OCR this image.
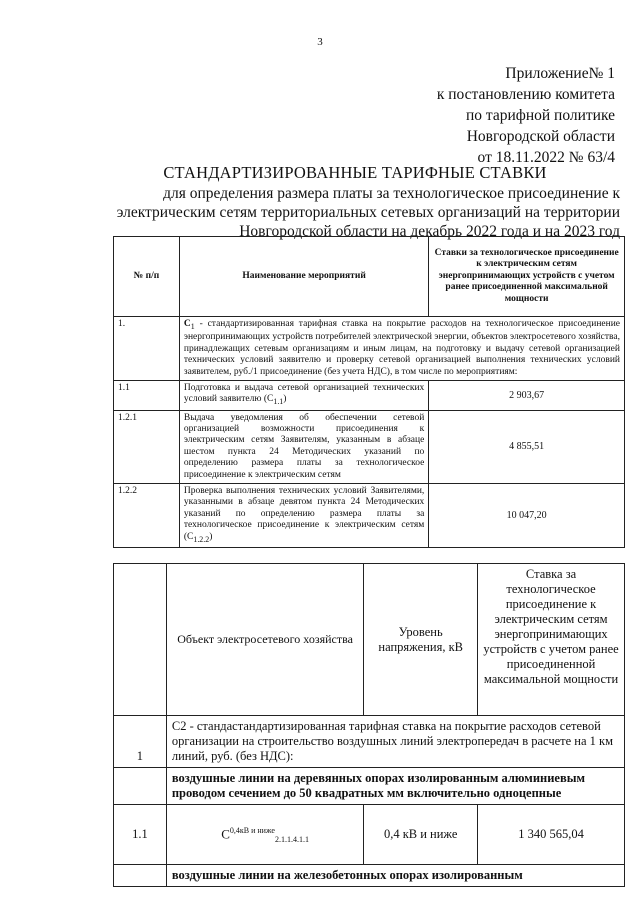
3
Приложение№ 1
к постановлению комитета
по тарифной политике
Новгородской области
от 18.11.2022 № 63/4
СТАНДАРТИЗИРОВАННЫЕ ТАРИФНЫЕ СТАВКИ
для определения размера платы за технологическое присоединение к
электрическим сетям территориальных сетевых организаций на территории
Новгородской области на декабрь 2022 года и на 2023 год
№ п/п	Наименование мероприятий	Ставки за технологическое присоединение к электрическим сетям энергопринимающих устройств с учетом ранее присоединенной максимальной мощности
1.	$С_1$ - стандартизированная тарифная ставка на покрытие расходов на технологическое присоединение энергопринимающих устройств потребителей электрической энергии, объектов электросетевого хозяйства, принадлежащих сетевым организациям и иным лицам, на подготовку и выдачу сетевой организацией технических условий заявителю и проверку сетевой организацией выполнения технических условий заявителем, руб./1 присоединение (без учета НДС), в том числе по мероприятиям:	
1.1	Подготовка и выдача сетевой организацией технических условий заявителю $(С_{1.1})$	2 903,67
1.2.1	Выдача уведомления об обеспечении сетевой организацией возможности присоединения к электрическим сетям Заявителям, указанным в абзаце шестом пункта 24 Методических указаний по определению размера платы за технологическое присоединение к электрическим сетям	4 855,51
1.2.2	Проверка выполнения технических условий Заявителями, указанными в абзаце девятом пункта 24 Методических указаний по определению размера платы за технологическое присоединение к электрическим сетям $(С_{1.2.2})$	10 047,20
	Объект электросетевого хозяйства	Уровень напряжения, кВ	Ставка за технологическое присоединение к электрическим сетям энергопринимающих устройств с учетом ранее присоединенной максимальной мощности
1	С2 - стандастандартизированная тарифная ставка на покрытие расходов сетевой организации на строительство воздушных линий электропередач в расчете на 1 км линий, руб. (без НДС):		
	воздушные линии на деревянных опорах изолированным алюминиевым проводом сечением до 50 квадратных мм включительно одноцепные		
1.1	$С^{0,4кВ и ниже}_{2.1.1.4.1.1}$	0,4 кВ и ниже	1 340 565,04
	воздушные линии на железобетонных опорах изолированным		
